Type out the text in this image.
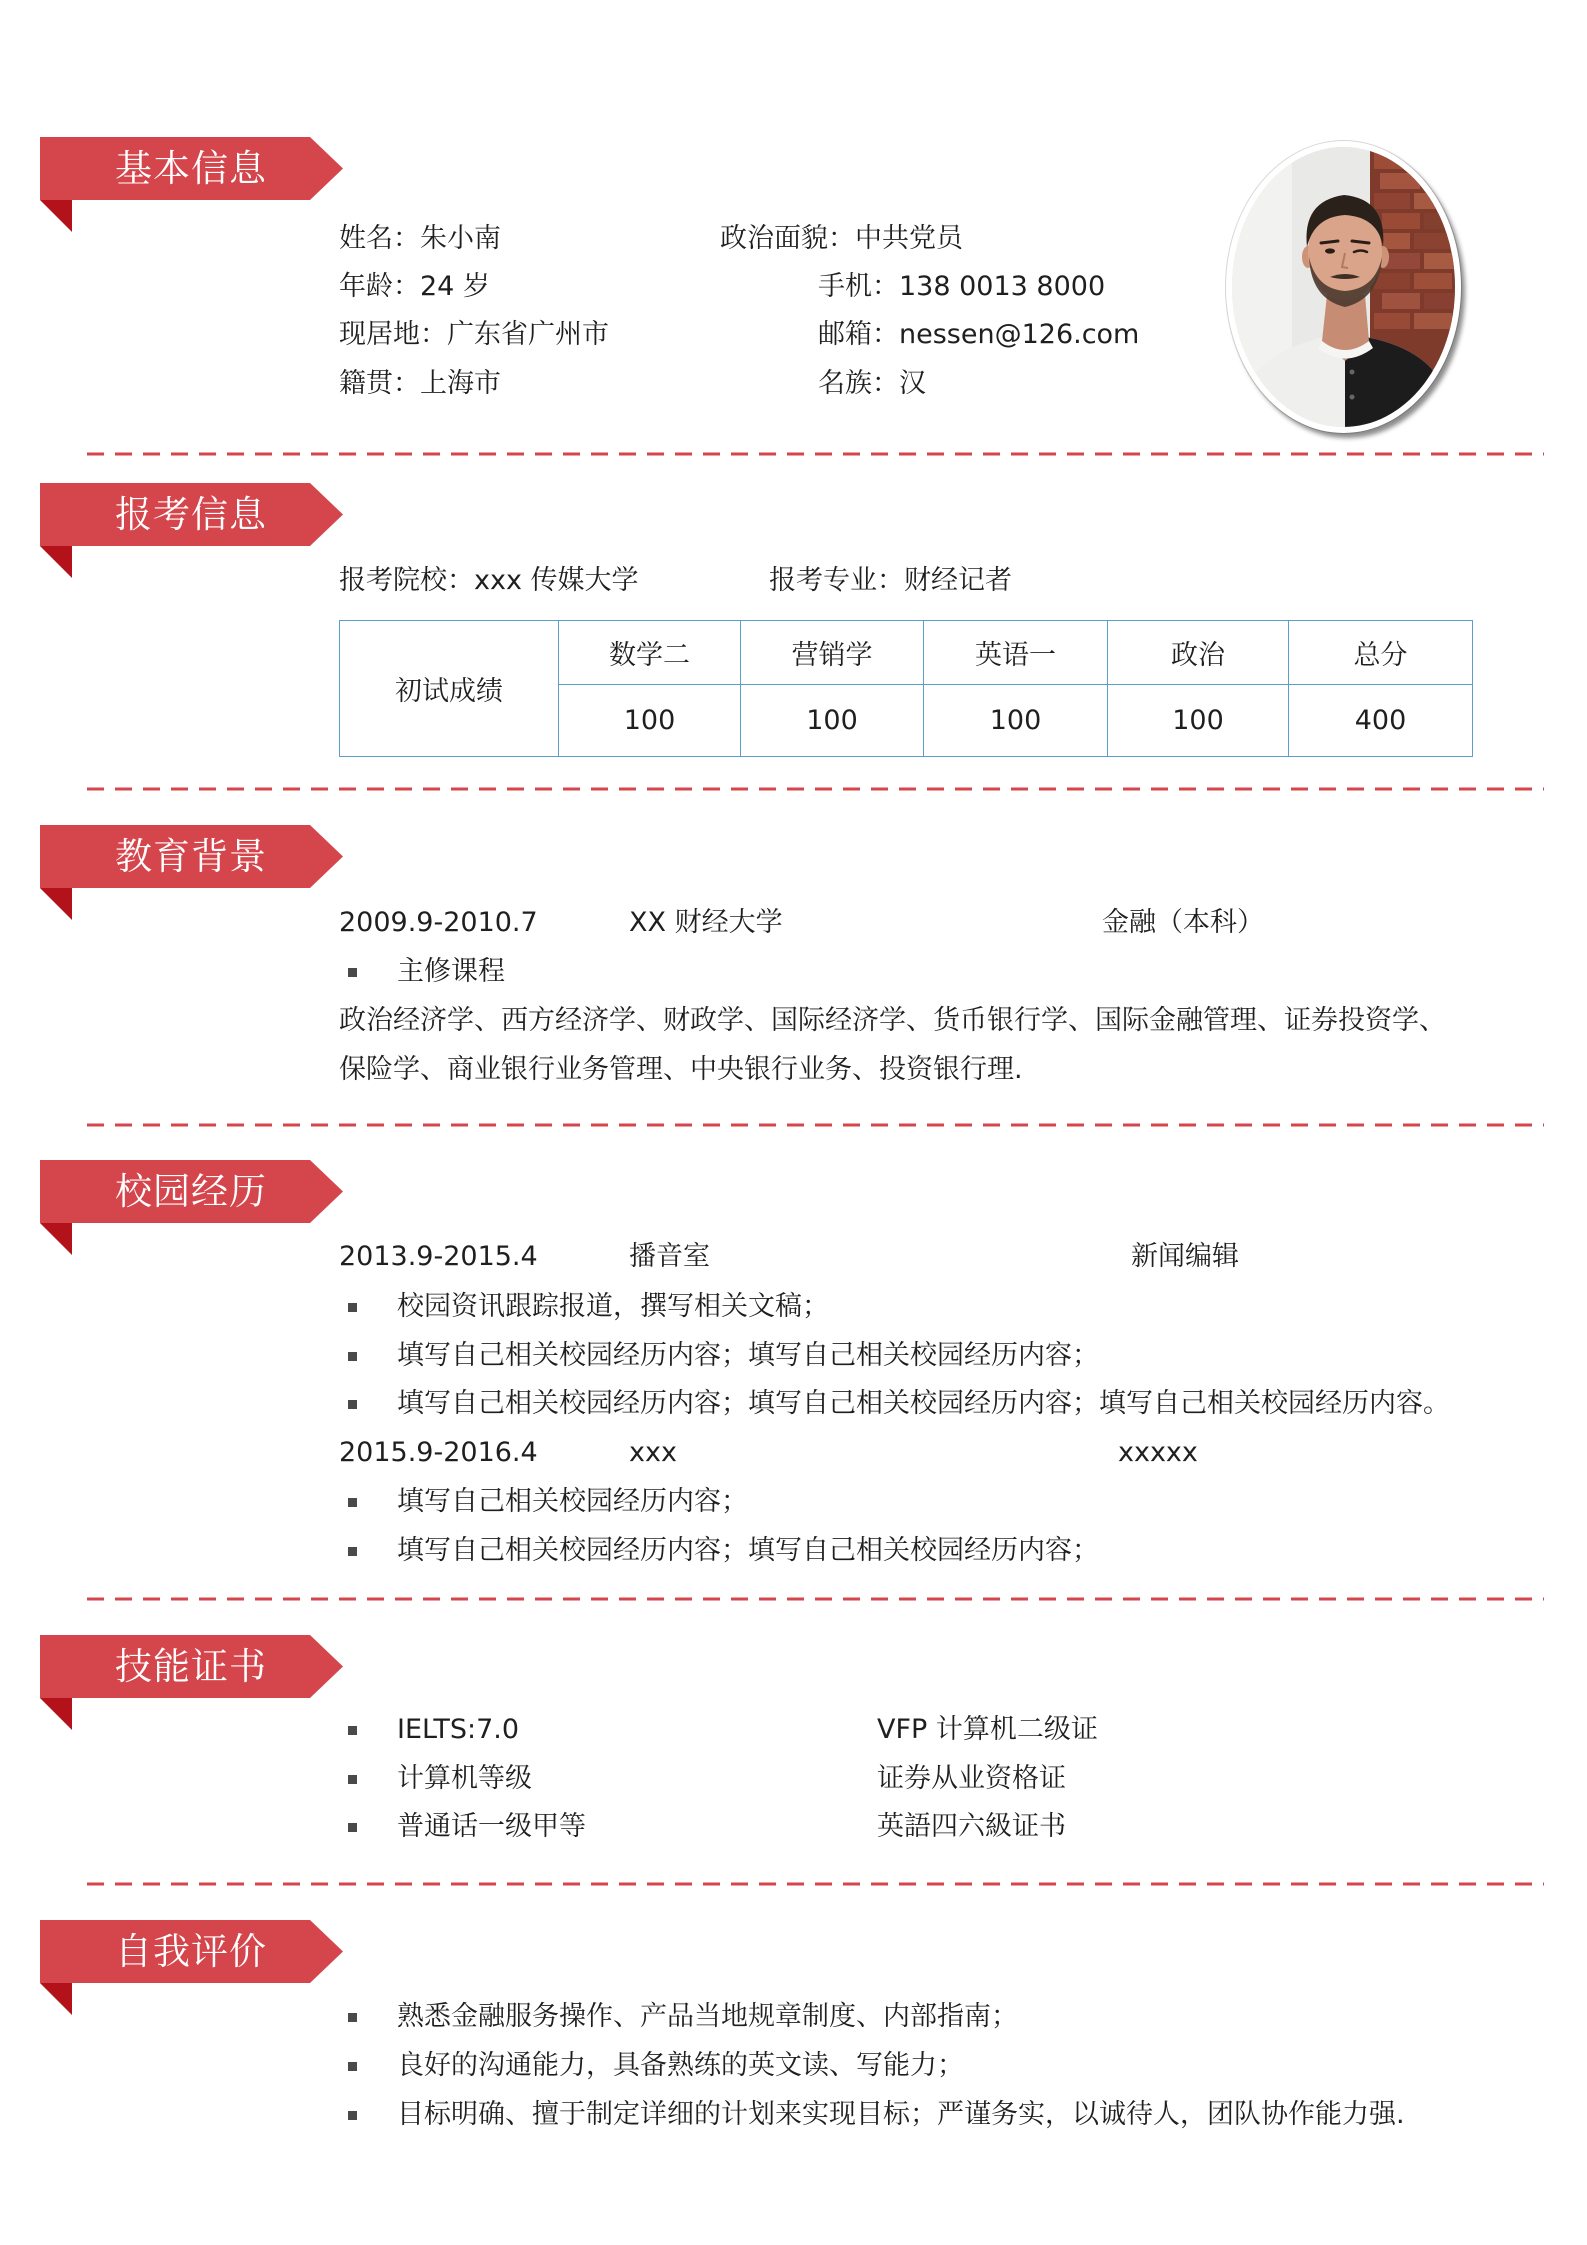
基本信息
姓名：朱小南	政治面貌：中共党员
年龄：24 岁	手机：138 0013 8000
现居地：广东省广州市	邮箱：nessen@126.com
籍贯：上海市	名族：汉
报考信息
报考院校：xxx 传媒大学	报考专业：财经记者
初试成绩	数学二	营销学	英语一	政治	总分
	100	100	100	100	400
教育背景
2009.9-2010.7	XX 财经大学	金融（本科）
主修课程
政治经济学、西方经济学、财政学、国际经济学、货币银行学、国际金融管理、证券投资学、
保险学、商业银行业务管理、中央银行业务、投资银行理.
校园经历
2013.9-2015.4	播音室	新闻编辑
校园资讯跟踪报道，撰写相关文稿；
填写自己相关校园经历内容；填写自己相关校园经历内容；
填写自己相关校园经历内容；填写自己相关校园经历内容；填写自己相关校园经历内容。
2015.9-2016.4	xxx	xxxxx
填写自己相关校园经历内容；
填写自己相关校园经历内容；填写自己相关校园经历内容；
技能证书
IELTS:7.0	VFP 计算机二级证
计算机等级	证券从业资格证
普通话一级甲等	英語四六級证书
自我评价
熟悉金融服务操作、产品当地规章制度、内部指南；
良好的沟通能力，具备熟练的英文读、写能力；
目标明确、擅于制定详细的计划来实现目标；严谨务实，以诚待人，团队协作能力强.
